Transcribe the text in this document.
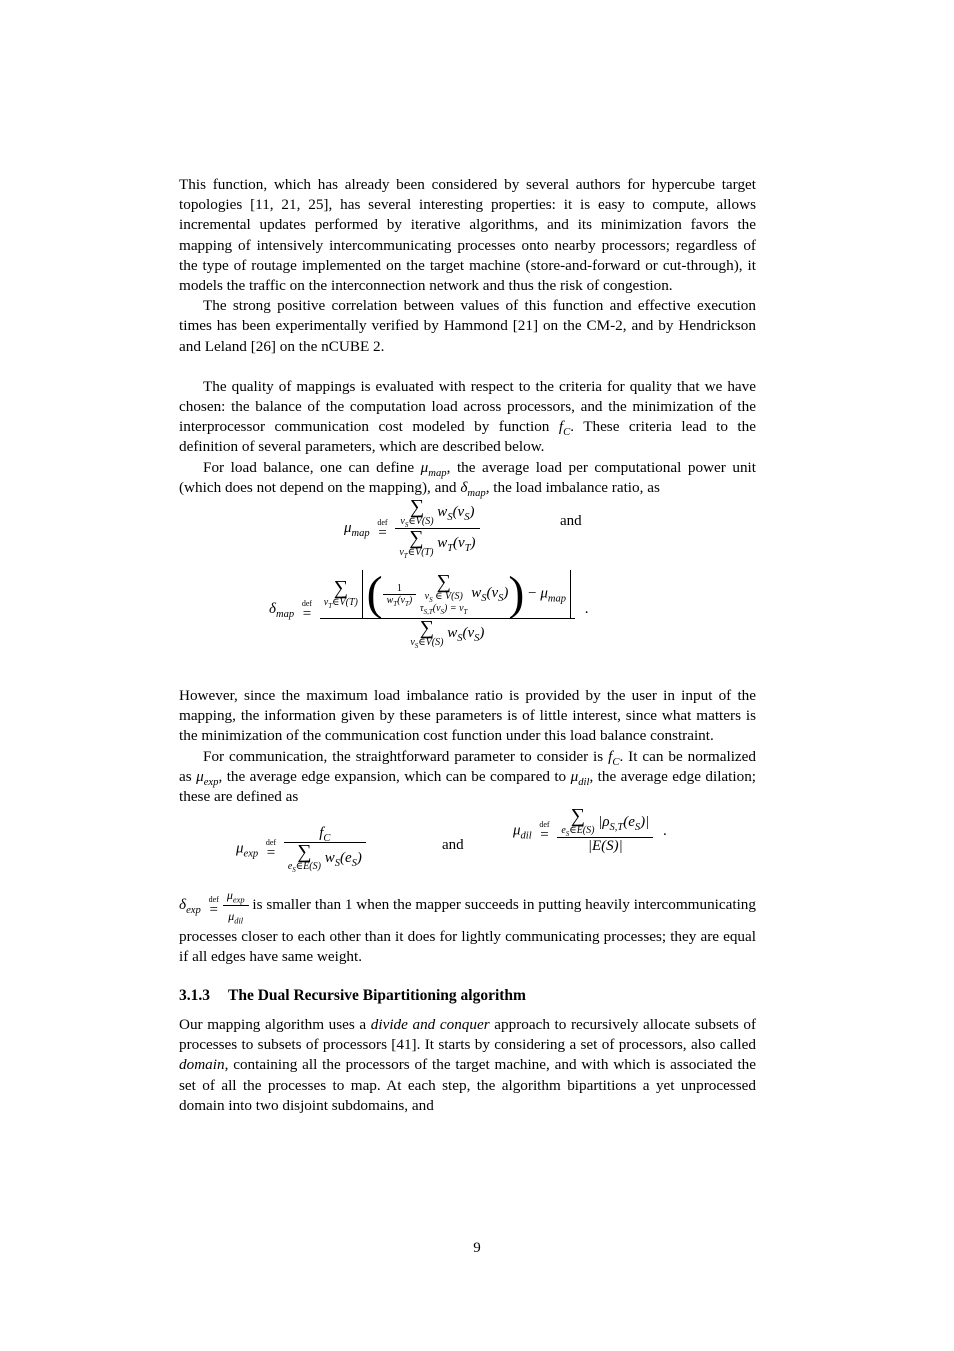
This function, which has already been considered by several authors for hypercube target topologies [11, 21, 25], has several interesting properties: it is easy to compute, allows incremental updates performed by iterative algorithms, and its minimization favors the mapping of intensively intercommunicating processes onto nearby processors; regardless of the type of routage implemented on the target machine (store-and-forward or cut-through), it models the traffic on the interconnection network and thus the risk of congestion.

The strong positive correlation between values of this function and effective execution times has been experimentally verified by Hammond [21] on the CM-2, and by Hendrickson and Leland [26] on the nCUBE 2.

The quality of mappings is evaluated with respect to the criteria for quality that we have chosen: the balance of the computation load across processors, and the minimization of the interprocessor communication cost modeled by function $f_C$. These criteria lead to the definition of several parameters, which are described below.

For load balance, one can define $\mu_{map}$, the average load per computational power unit (which does not depend on the mapping), and $\delta_{map}$, the load imbalance ratio, as

$\mu_{map}$
def
=
∑
$v_S\in V(S)$
$w_S(v_S)$
∑
$v_T\in V(T)$
$w_T(v_T)$	and
$\delta_{map}$
def
=

∑
$v_T\in V(T)$ ( $\frac{1}{w_T(v_T)}$

∑
$v_S$ ∈ V(S)
$\tau_{S,T}(v_S) = v_T$
$w_S(v_S)) - \mu_{map}$
∑
$v_S\in V(S)$
$w_S(v_S)$
.

However, since the maximum load imbalance ratio is provided by the user in input of the mapping, the information given by these parameters is of little interest, since what matters is the minimization of the communication cost function under this load balance constraint.

For communication, the straightforward parameter to consider is $f_C$. It can be normalized as $\mu_{exp}$, the average edge expansion, which can be compared to $\mu_{dil}$, the average edge dilation; these are defined as

$\mu_{exp}$
def
=
$f_C$
∑
$e_S\in E(S)$
$w_S(e_S)$	and
$\mu_{dil}$
def
=
∑
$e_S\in E(S)$
$|\rho_{S,T}(e_S)|$
|E(S)| .

$\delta_{exp}$
def
= $\frac{\mu_{exp}}{\mu_{dil}}$ is smaller than 1 when the mapper succeeds in putting heavily intercommunicating processes closer to each other than it does for lightly communicating processes; they are equal if all edges have same weight.

3.1.3 The Dual Recursive Bipartitioning algorithm

Our mapping algorithm uses a divide and conquer approach to recursively allocate subsets of processes to subsets of processors [41]. It starts by considering a set of processors, also called domain, containing all the processors of the target machine, and with which is associated the set of all the processes to map. At each step, the algorithm bipartitions a yet unprocessed domain into two disjoint subdomains, and

9
